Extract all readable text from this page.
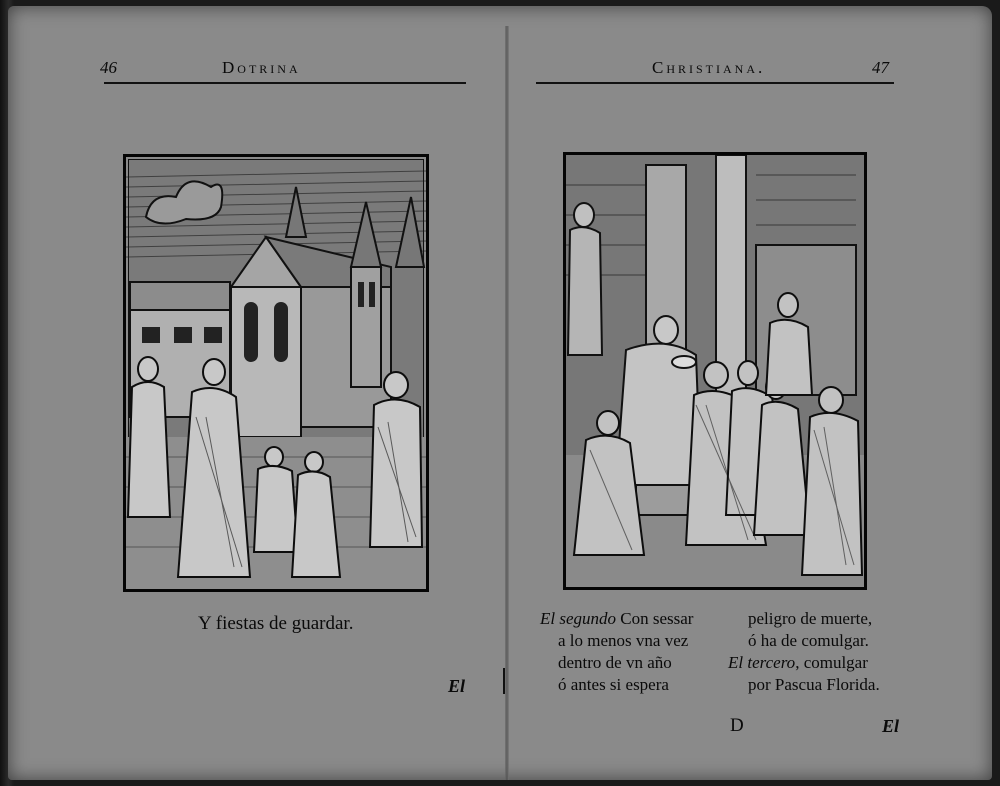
46	Dotrina
Y fiestas de guardar.
El
Christiana.	47
El segundo Con sessar
a lo menos vna vez
dentro de vn año
ó antes si espera
peligro de muerte,
ó ha de comulgar.
El tercero, comulgar
por Pascua Florida.
D	El
